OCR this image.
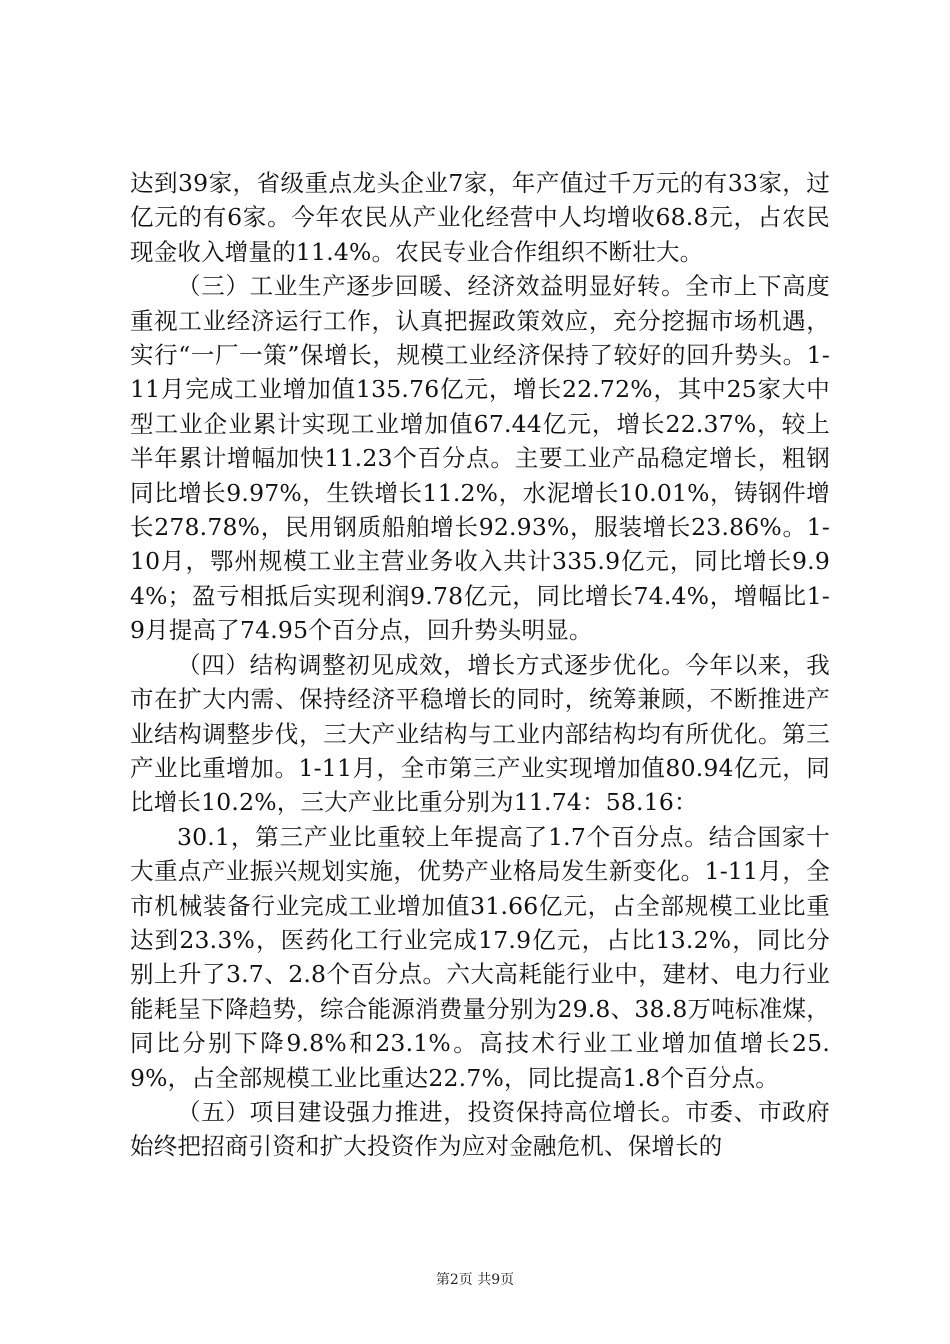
达到39家，省级重点龙头企业7家，年产值过千万元的有33家，过亿元的有6家。今年农民从产业化经营中人均增收68.8元，占农民现金收入增量的11.4%。农民专业合作组织不断壮大。

（三）工业生产逐步回暖、经济效益明显好转。全市上下高度重视工业经济运行工作，认真把握政策效应，充分挖掘市场机遇，实行“一厂一策”保增长，规模工业经济保持了较好的回升势头。1-11月完成工业增加值135.76亿元，增长22.72%，其中25家大中型工业企业累计实现工业增加值67.44亿元，增长22.37%，较上半年累计增幅加快11.23个百分点。主要工业产品稳定增长，粗钢同比增长9.97%，生铁增长11.2%，水泥增长10.01%，铸钢件增长278.78%，民用钢质船舶增长92.93%，服装增长23.86%。1-10月，鄂州规模工业主营业务收入共计335.9亿元，同比增长9.94%；盈亏相抵后实现利润9.78亿元，同比增长74.4%，增幅比1-9月提高了74.95个百分点，回升势头明显。

（四）结构调整初见成效，增长方式逐步优化。今年以来，我市在扩大内需、保持经济平稳增长的同时，统筹兼顾，不断推进产业结构调整步伐，三大产业结构与工业内部结构均有所优化。第三产业比重增加。1-11月，全市第三产业实现增加值80.94亿元，同比增长10.2%，三大产业比重分别为11.74：58.16：

30.1，第三产业比重较上年提高了1.7个百分点。结合国家十大重点产业振兴规划实施，优势产业格局发生新变化。1-11月，全市机械装备行业完成工业增加值31.66亿元，占全部规模工业比重达到23.3%，医药化工行业完成17.9亿元，占比13.2%，同比分别上升了3.7、2.8个百分点。六大高耗能行业中，建材、电力行业能耗呈下降趋势，综合能源消费量分别为29.8、38.8万吨标准煤，同比分别下降9.8%和23.1%。高技术行业工业增加值增长25.9%，占全部规模工业比重达22.7%，同比提高1.8个百分点。

（五）项目建设强力推进，投资保持高位增长。市委、市政府始终把招商引资和扩大投资作为应对金融危机、保增长的

第2页 共9页
